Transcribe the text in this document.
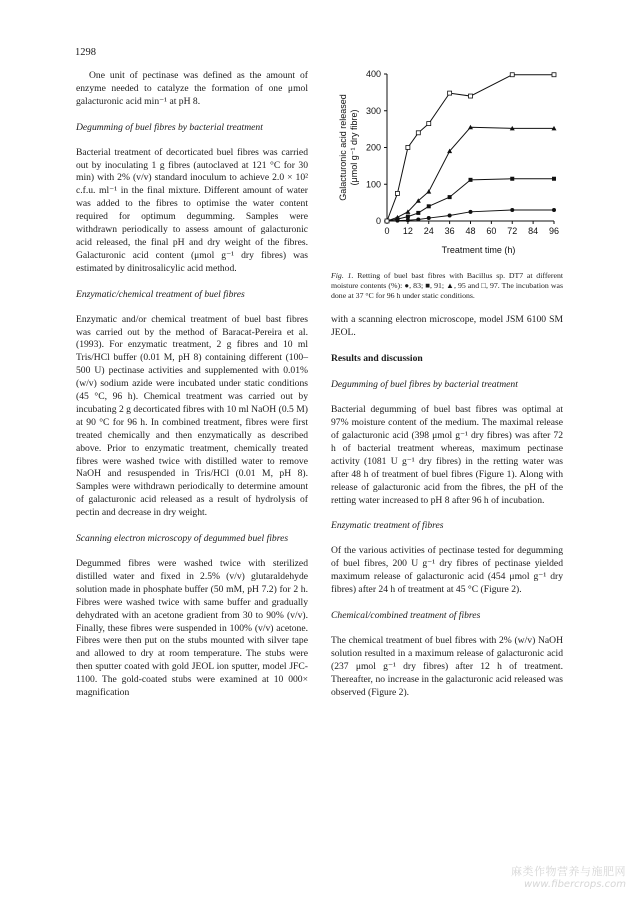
1298

One unit of pectinase was defined as the amount of enzyme needed to catalyze the formation of one μmol galacturonic acid min⁻¹ at pH 8.

Degumming of buel fibres by bacterial treatment

Bacterial treatment of decorticated buel fibres was carried out by inoculating 1 g fibres (autoclaved at 121 °C for 30 min) with 2% (v/v) standard inoculum to achieve 2.0 × 10² c.f.u. ml⁻¹ in the final mixture. Different amount of water was added to the fibres to optimise the water content required for optimum degumming. Samples were withdrawn periodically to assess amount of galacturonic acid released, the final pH and dry weight of the fibres. Galacturonic acid content (μmol g⁻¹ dry fibres) was estimated by dinitrosalicylic acid method.

Enzymatic/chemical treatment of buel fibres

Enzymatic and/or chemical treatment of buel bast fibres was carried out by the method of Baracat-Pereira et al. (1993). For enzymatic treatment, 2 g fibres and 10 ml Tris/HCl buffer (0.01 M, pH 8) containing different (100–500 U) pectinase activities and supplemented with 0.01% (w/v) sodium azide were incubated under static conditions (45 °C, 96 h). Chemical treatment was carried out by incubating 2 g decorticated fibres with 10 ml NaOH (0.5 M) at 90 °C for 96 h. In combined treatment, fibres were first treated chemically and then enzymatically as described above. Prior to enzymatic treatment, chemically treated fibres were washed twice with distilled water to remove NaOH and resuspended in Tris/HCl (0.01 M, pH 8). Samples were withdrawn periodically to determine amount of galacturonic acid released as a result of hydrolysis of pectin and decrease in dry weight.

Scanning electron microscopy of degummed buel fibres

Degummed fibres were washed twice with sterilized distilled water and fixed in 2.5% (v/v) glutaraldehyde solution made in phosphate buffer (50 mM, pH 7.2) for 2 h. Fibres were washed twice with same buffer and gradually dehydrated with an acetone gradient from 30 to 90% (v/v). Finally, these fibres were suspended in 100% (v/v) acetone. Fibres were then put on the stubs mounted with silver tape and allowed to dry at room temperature. The stubs were then sputter coated with gold JEOL ion sputter, model JFC-1100. The gold-coated stubs were examined at 10 000× magnification

0 12 24 36 48 60 72 84 96
0
100
200
300
400
Treatment time (h)
Galacturonic acid released (μmol g⁻¹ dry fibre)

Fig. 1. Retting of buel bast fibres with Bacillus sp. DT7 at different moisture contents (%): ●, 83; ■, 91; ▲, 95 and □, 97. The incubation was done at 37 °C for 96 h under static conditions.

with a scanning electron microscope, model JSM 6100 SM JEOL.

Results and discussion
Degumming of buel fibres by bacterial treatment

Bacterial degumming of buel bast fibres was optimal at 97% moisture content of the medium. The maximal release of galacturonic acid (398 μmol g⁻¹ dry fibres) was after 72 h of bacterial treatment whereas, maximum pectinase activity (1081 U g⁻¹ dry fibres) in the retting water was after 48 h of treatment of buel fibres (Figure 1). Along with release of galacturonic acid from the fibres, the pH of the retting water increased to pH 8 after 96 h of incubation.

Enzymatic treatment of fibres

Of the various activities of pectinase tested for degumming of buel fibres, 200 U g⁻¹ dry fibres of pectinase yielded maximum release of galacturonic acid (454 μmol g⁻¹ dry fibres) after 24 h of treatment at 45 °C (Figure 2).

Chemical/combined treatment of fibres

The chemical treatment of buel fibres with 2% (w/v) NaOH solution resulted in a maximum release of galacturonic acid (237 μmol g⁻¹ dry fibres) after 12 h of treatment. Thereafter, no increase in the galacturonic acid released was observed (Figure 2).

麻类作物营养与施肥网
www.fibercrops.com
